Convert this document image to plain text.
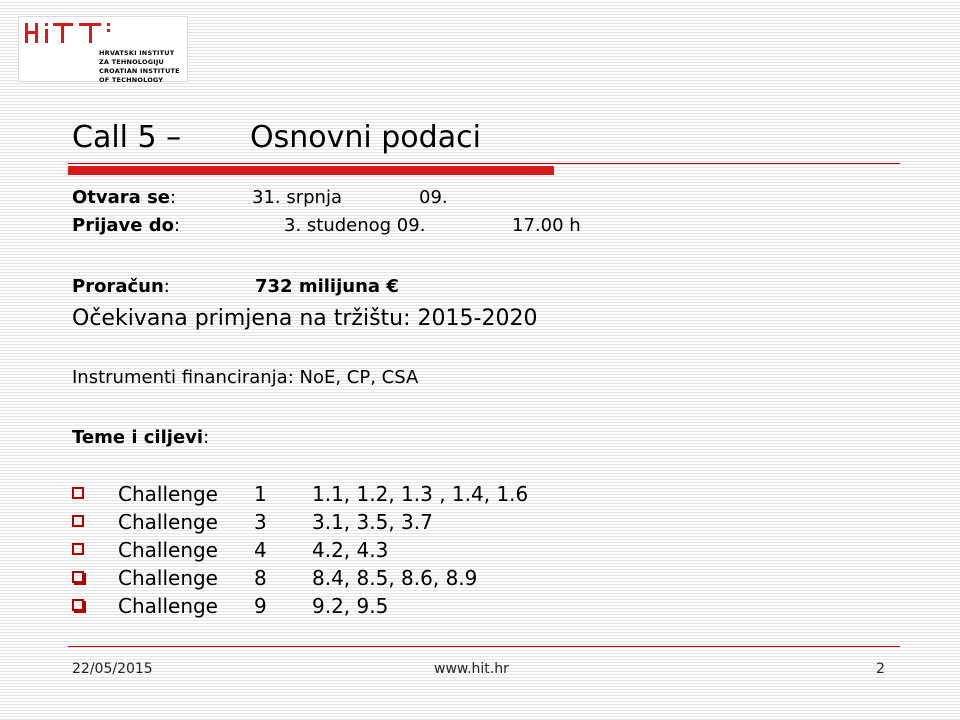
HRVATSKI INSTITUT
ZA TEHNOLOGIJU
CROATIAN INSTITUTE
OF TECHNOLOGY
Call 5 – Osnovni podaci
Otvara se:	31. srpnja	09.
Prijave do:	3. studenog 09.	17.00 h
Proračun:	732 milijuna €
Očekivana primjena na tržištu: 2015-2020
Instrumenti financiranja: NoE, CP, CSA
Teme i ciljevi:
Challenge 1 1.1, 1.2, 1.3 , 1.4, 1.6
Challenge 3 3.1, 3.5, 3.7
Challenge 4 4.2, 4.3
Challenge 8 8.4, 8.5, 8.6, 8.9
Challenge 9 9.2, 9.5
22/05/2015	www.hit.hr	2
